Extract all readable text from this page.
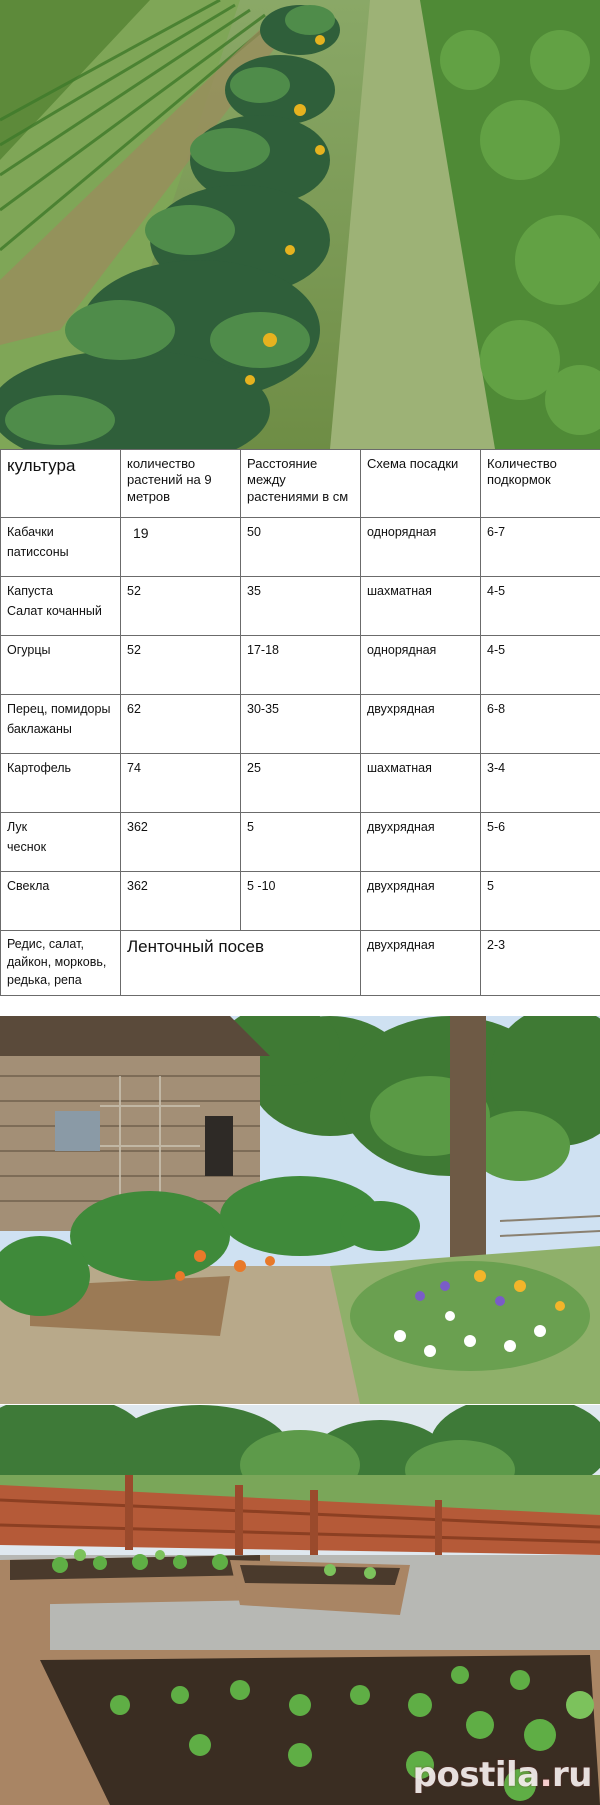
культура	количество растений на 9 метров	Расстояние между растениями в см	Схема посадки	Количество подкормок
Кабачки
патиссоны	19	50	однорядная	6-7
Капуста
Салат кочанный	52	35	шахматная	4-5
Огурцы	52	17-18	однорядная	4-5
Перец, помидоры
баклажаны	62	30-35	двухрядная	6-8
Картофель	74	25	шахматная	3-4
Лук
чеснок	362	5	двухрядная	5-6
Свекла	362	5 -10	двухрядная	5
Редис, салат, дайкон, морковь, редька, репа	Ленточный посев		двухрядная	2-3
postila.ru
